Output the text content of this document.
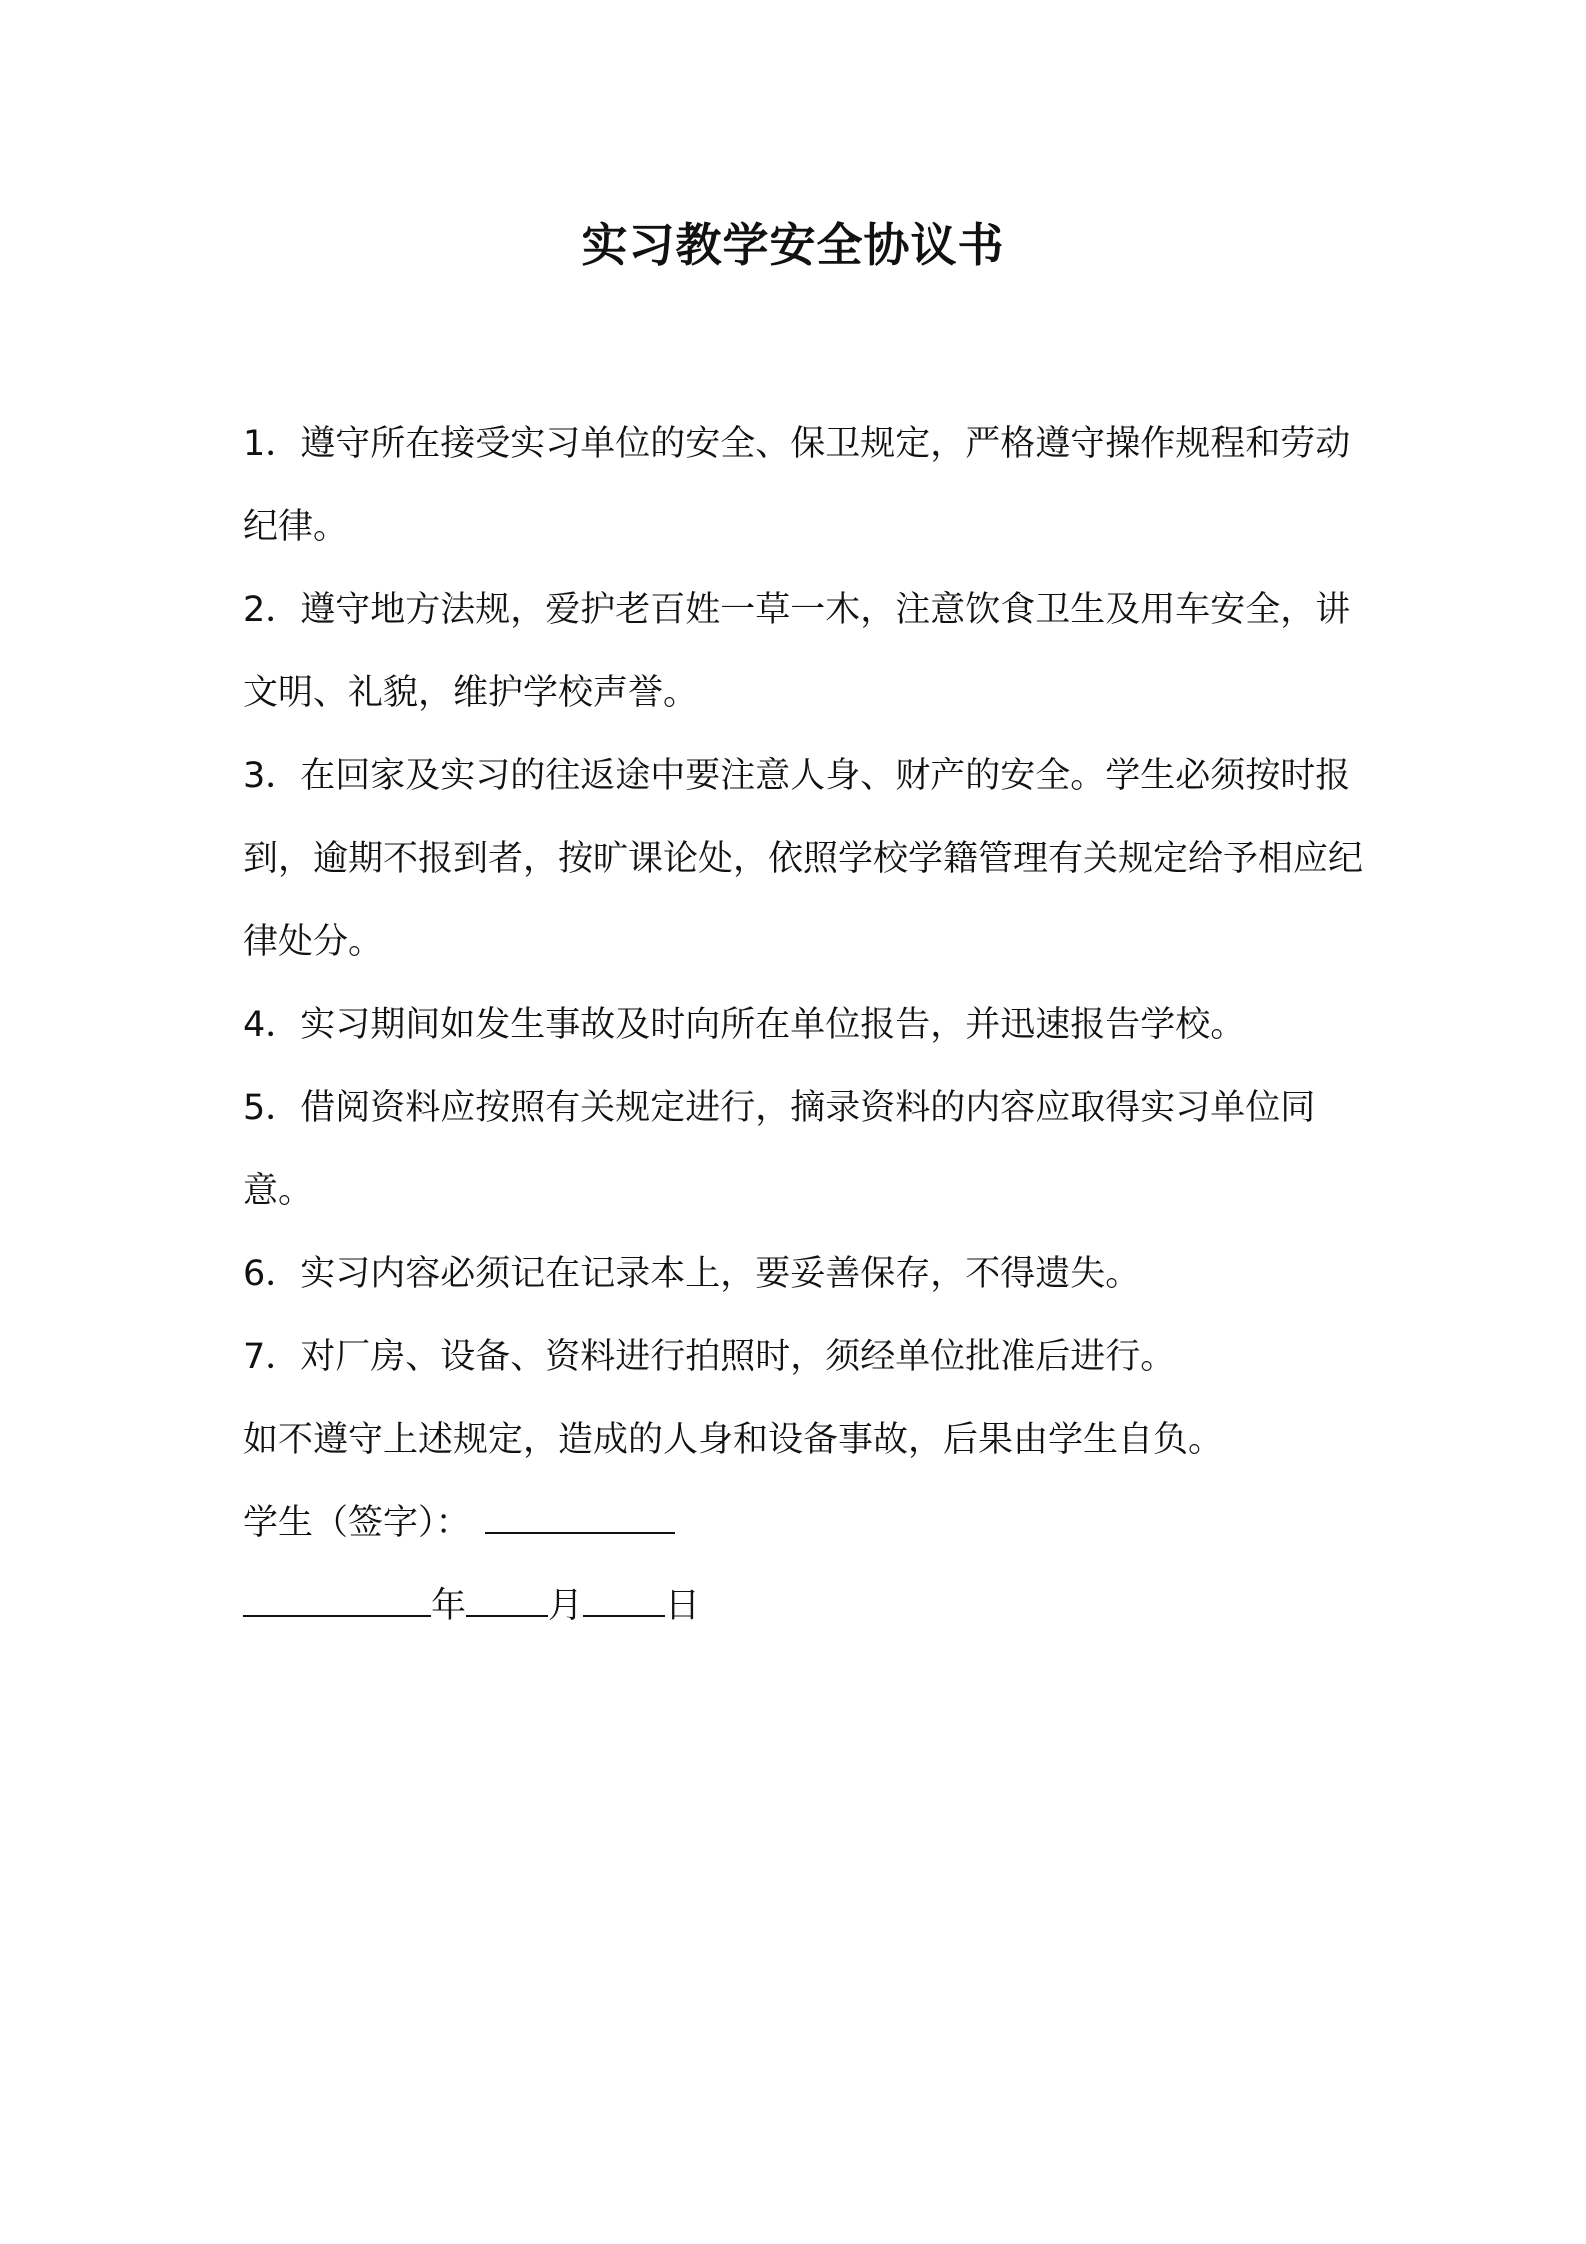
实习教学安全协议书

1．遵守所在接受实习单位的安全、保卫规定，严格遵守操作规程和劳动纪律。

2．遵守地方法规，爱护老百姓一草一木，注意饮食卫生及用车安全，讲文明、礼貌，维护学校声誉。

3．在回家及实习的往返途中要注意人身、财产的安全。学生必须按时报到，逾期不报到者，按旷课论处，依照学校学籍管理有关规定给予相应纪律处分。

4．实习期间如发生事故及时向所在单位报告，并迅速报告学校。

5．借阅资料应按照有关规定进行，摘录资料的内容应取得实习单位同意。

6．实习内容必须记在记录本上，要妥善保存，不得遗失。

7．对厂房、设备、资料进行拍照时，须经单位批准后进行。

如不遵守上述规定，造成的人身和设备事故，后果由学生自负。

学生（签字）：

年 月 日
